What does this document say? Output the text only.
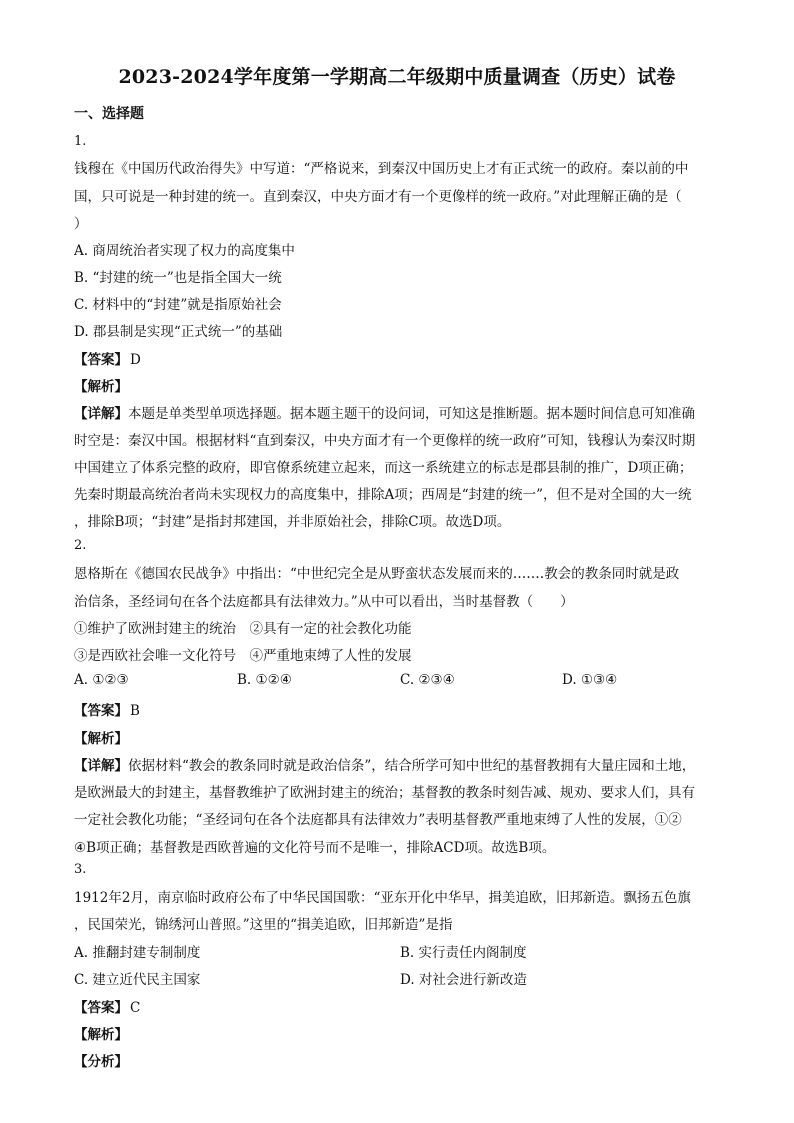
2023-2024学年度第一学期高二年级期中质量调查（历史）试卷
一、选择题
1.
钱穆在《中国历代政治得失》中写道：“严格说来，到秦汉中国历史上才有正式统一的政府。秦以前的中
国，只可说是一种封建的统一。直到秦汉，中央方面才有一个更像样的统一政府。”对此理解正确的是（
）
A. 商周统治者实现了权力的高度集中
B. “封建的统一”也是指全国大一统
C. 材料中的“封建”就是指原始社会
D. 郡县制是实现“正式统一”的基础
【答案】 D
【解析】
【详解】本题是单类型单项选择题。据本题主题干的设问词，可知这是推断题。据本题时间信息可知准确
时空是：秦汉中国。根据材料“直到秦汉，中央方面才有一个更像样的统一政府”可知，钱穆认为秦汉时期
中国建立了体系完整的政府，即官僚系统建立起来，而这一系统建立的标志是郡县制的推广，D项正确；
先秦时期最高统治者尚未实现权力的高度集中，排除A项；西周是“封建的统一”，但不是对全国的大一统
，排除B项；“封建”是指封邦建国，并非原始社会，排除C项。故选D项。
2.
恩格斯在《德国农民战争》中指出：“中世纪完全是从野蛮状态发展而来的.……教会的教条同时就是政
治信条，圣经词句在各个法庭都具有法律效力。”从中可以看出，当时基督教（　　）
①维护了欧洲封建主的统治　②具有一定的社会教化功能
③是西欧社会唯一文化符号　④严重地束缚了人性的发展
A. ①②③	B. ①②④	C. ②③④	D. ①③④
【答案】 B
【解析】
【详解】依据材料“教会的教条同时就是政治信条”，结合所学可知中世纪的基督教拥有大量庄园和土地，
是欧洲最大的封建主，基督教维护了欧洲封建主的统治；基督教的教条时刻告减、规劝、要求人们，具有
一定社会教化功能；“圣经词句在各个法庭都具有法律效力”表明基督教严重地束缚了人性的发展，①②
④B项正确；基督教是西欧普遍的文化符号而不是唯一，排除ACD项。故选B项。
3.
1912年2月，南京临时政府公布了中华民国国歌：“亚东开化中华早，揖美追欧，旧邦新造。飘扬五色旗
，民国荣光，锦绣河山普照。”这里的“揖美追欧，旧邦新造”是指
A. 推翻封建专制制度	B. 实行责任内阁制度
C. 建立近代民主国家	D. 对社会进行新改造
【答案】 C
【解析】
【分析】
